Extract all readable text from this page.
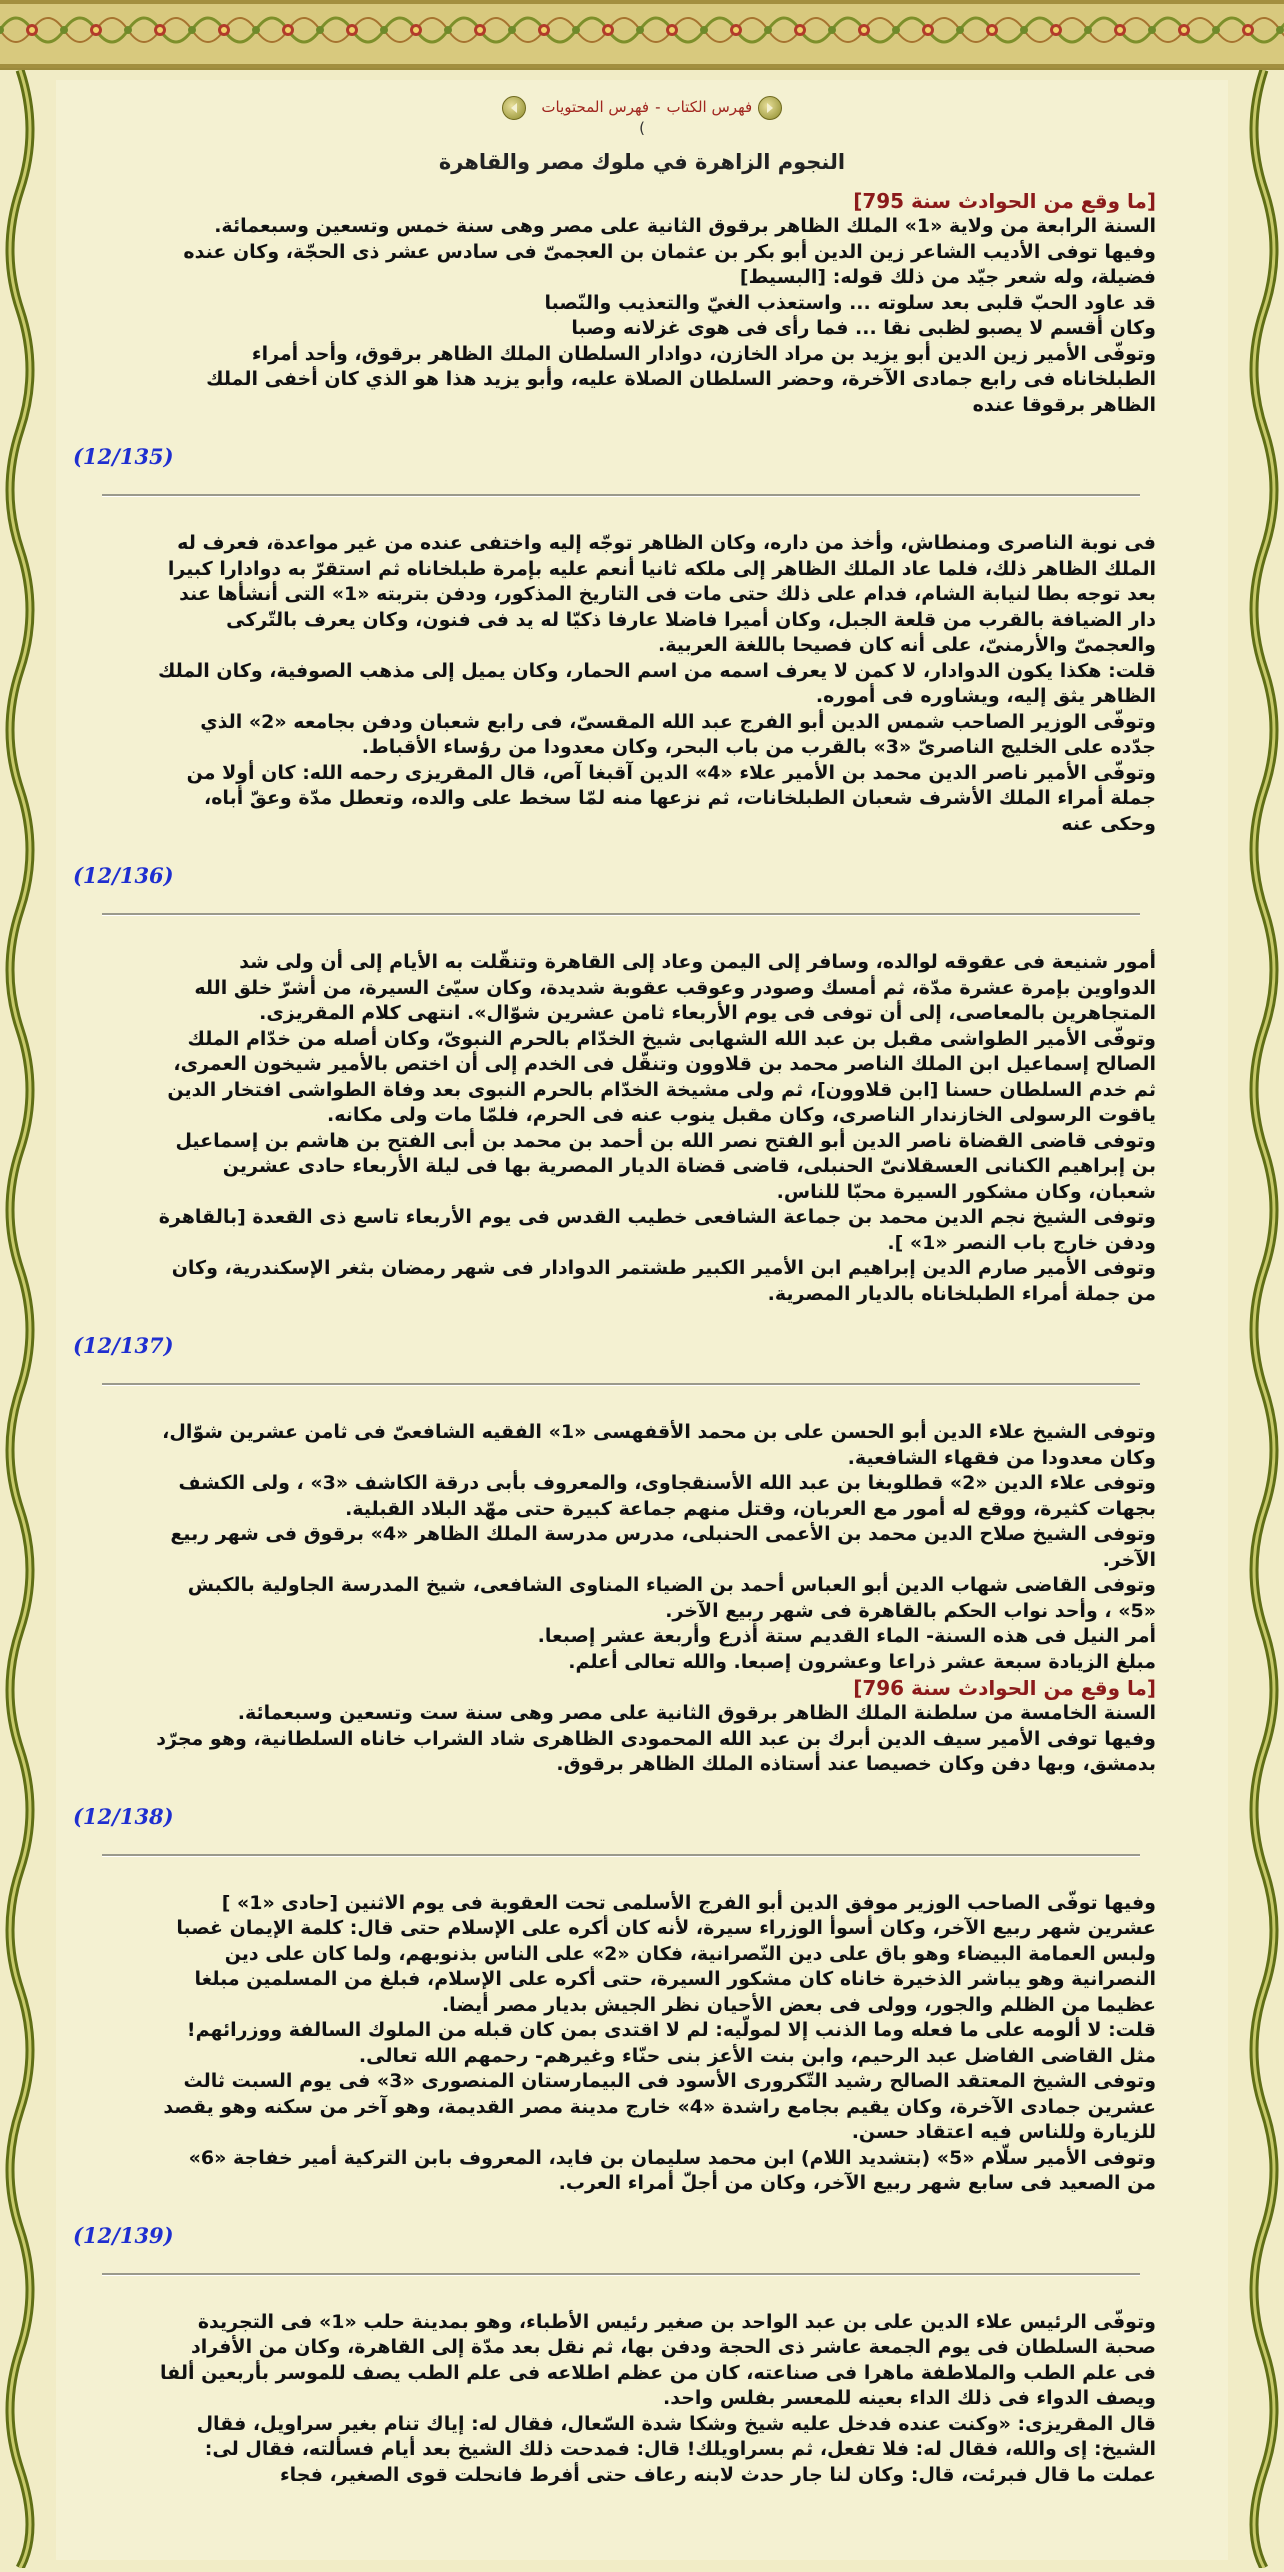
فهرس الكتاب-فهرس المحتويات
(
النجوم الزاهرة في ملوك مصر والقاهرة

[ما وقع من الحوادث سنة 795]

السنة الرابعة من ولاية «1» الملك الظاهر برقوق الثانية على مصر وهى سنة خمس وتسعين وسبعمائة.

وفيها توفى الأديب الشاعر زين الدين أبو بكر بن عثمان بن العجمىّ فى سادس عشر ذى الحجّة، وكان عنده فضيلة، وله شعر جيّد من ذلك قوله: [البسيط]

قد عاود الحبّ قلبى بعد سلوته ... واستعذب الغيّ والتعذيب والنّصبا

وكان أقسم لا يصبو لظبى نقا ... فما رأى فى هوى غزلانه وصبا

وتوفّى الأمير زين الدين أبو يزيد بن مراد الخازن، دوادار السلطان الملك الظاهر برقوق، وأحد أمراء الطبلخاناه فى رابع جمادى الآخرة، وحضر السلطان الصلاة عليه، وأبو يزيد هذا هو الذي كان أخفى الملك الظاهر برقوقا عنده

(12/135)

فى نوبة الناصرى ومنطاش، وأخذ من داره، وكان الظاهر توجّه إليه واختفى عنده من غير مواعدة، فعرف له الملك الظاهر ذلك، فلما عاد الملك الظاهر إلى ملكه ثانيا أنعم عليه بإمرة طبلخاناه ثم استقرّ به دوادارا كبيرا بعد توجه بطا لنيابة الشام، فدام على ذلك حتى مات فى التاريخ المذكور، ودفن بتربته «1» التى أنشأها عند دار الضيافة بالقرب من قلعة الجبل، وكان أميرا فاضلا عارفا ذكيّا له يد فى فنون، وكان يعرف بالتّركى والعجمىّ والأرمنىّ، على أنه كان فصيحا باللغة العربية.

قلت: هكذا يكون الدوادار، لا كمن لا يعرف اسمه من اسم الحمار، وكان يميل إلى مذهب الصوفية، وكان الملك الظاهر يثق إليه، ويشاوره فى أموره.

وتوفّى الوزير الصاحب شمس الدين أبو الفرج عبد الله المقسىّ، فى رابع شعبان ودفن بجامعه «2» الذي جدّده على الخليج الناصرىّ «3» بالقرب من باب البحر، وكان معدودا من رؤساء الأقباط.

وتوفّى الأمير ناصر الدين محمد بن الأمير علاء «4» الدين آقبغا آص، قال المقريزى رحمه الله: كان أولا من جملة أمراء الملك الأشرف شعبان الطبلخانات، ثم نزعها منه لمّا سخط على والده، وتعطل مدّة وعقّ أباه، وحكى عنه

(12/136)

أمور شنيعة فى عقوقه لوالده، وسافر إلى اليمن وعاد إلى القاهرة وتنقّلت به الأيام إلى أن ولى شد الدواوين بإمرة عشرة مدّة، ثم أمسك وصودر وعوقب عقوبة شديدة، وكان سيّئ السيرة، من أشرّ خلق الله المتجاهرين بالمعاصى، إلى أن توفى فى يوم الأربعاء ثامن عشرين شوّال». انتهى كلام المقريزى.

وتوفّى الأمير الطواشى مقبل بن عبد الله الشهابى شيخ الخدّام بالحرم النبوىّ، وكان أصله من خدّام الملك الصالح إسماعيل ابن الملك الناصر محمد بن قلاوون وتنقّل فى الخدم إلى أن اختص بالأمير شيخون العمرى، ثم خدم السلطان حسنا [ابن قلاوون]، ثم ولى مشيخة الخدّام بالحرم النبوى بعد وفاة الطواشى افتخار الدين ياقوت الرسولى الخازندار الناصرى، وكان مقبل ينوب عنه فى الحرم، فلمّا مات ولى مكانه.

وتوفى قاضى القضاة ناصر الدين أبو الفتح نصر الله بن أحمد بن محمد بن أبى الفتح بن هاشم بن إسماعيل بن إبراهيم الكنانى العسقلانىّ الحنبلى، قاضى قضاة الديار المصرية بها فى ليلة الأربعاء حادى عشرين شعبان، وكان مشكور السيرة محبّا للناس.

وتوفى الشيخ نجم الدين محمد بن جماعة الشافعى خطيب القدس فى يوم الأربعاء تاسع ذى القعدة [بالقاهرة ودفن خارج باب النصر «1» ].

وتوفى الأمير صارم الدين إبراهيم ابن الأمير الكبير طشتمر الدوادار فى شهر رمضان بثغر الإسكندرية، وكان من جملة أمراء الطبلخاناه بالديار المصرية.

(12/137)

وتوفى الشيخ علاء الدين أبو الحسن على بن محمد الأقفهسى «1» الفقيه الشافعىّ فى ثامن عشرين شوّال، وكان معدودا من فقهاء الشافعية.

وتوفى علاء الدين «2» قطلوبغا بن عبد الله الأسنقجاوى، والمعروف بأبى درقة الكاشف «3» ، ولى الكشف بجهات كثيرة، ووقع له أمور مع العربان، وقتل منهم جماعة كبيرة حتى مهّد البلاد القبلية.

وتوفى الشيخ صلاح الدين محمد بن الأعمى الحنبلى، مدرس مدرسة الملك الظاهر «4» برقوق فى شهر ربيع الآخر.

وتوفى القاضى شهاب الدين أبو العباس أحمد بن الضياء المناوى الشافعى، شيخ المدرسة الجاولية بالكبش «5» ، وأحد نواب الحكم بالقاهرة فى شهر ربيع الآخر.

أمر النيل فى هذه السنة- الماء القديم ستة أذرع وأربعة عشر إصبعا.

مبلغ الزيادة سبعة عشر ذراعا وعشرون إصبعا. والله تعالى أعلم.

[ما وقع من الحوادث سنة 796]

السنة الخامسة من سلطنة الملك الظاهر برقوق الثانية على مصر وهى سنة ست وتسعين وسبعمائة.

وفيها توفى الأمير سيف الدين أبرك بن عبد الله المحمودى الظاهرى شاد الشراب خاناه السلطانية، وهو مجرّد بدمشق، وبها دفن وكان خصيصا عند أستاذه الملك الظاهر برقوق.

(12/138)

وفيها توفّى الصاحب الوزير موفق الدين أبو الفرج الأسلمى تحت العقوبة فى يوم الاثنين [حادى «1» ] عشرين شهر ربيع الآخر، وكان أسوأ الوزراء سيرة، لأنه كان أكره على الإسلام حتى قال: كلمة الإيمان غصبا ولبس العمامة البيضاء وهو باق على دين النّصرانية، فكان «2» على الناس بذنوبهم، ولما كان على دين النصرانية وهو يباشر الذخيرة خاناه كان مشكور السيرة، حتى أكره على الإسلام، فبلغ من المسلمين مبلغا عظيما من الظلم والجور، وولى فى بعض الأحيان نظر الجيش بديار مصر أيضا.

قلت: لا ألومه على ما فعله وما الذنب إلا لمولّيه: لم لا اقتدى بمن كان قبله من الملوك السالفة ووزرائهم! مثل القاضى الفاضل عبد الرحيم، وابن بنت الأعز بنى حنّاء وغيرهم- رحمهم الله تعالى.

وتوفى الشيخ المعتقد الصالح رشيد التّكرورى الأسود فى البيمارستان المنصورى «3» فى يوم السبت ثالث عشرين جمادى الآخرة، وكان يقيم بجامع راشدة «4» خارج مدينة مصر القديمة، وهو آخر من سكنه وهو يقصد للزيارة وللناس فيه اعتقاد حسن.

وتوفى الأمير سلّام «5» (بتشديد اللام) ابن محمد سليمان بن فايد، المعروف بابن التركية أمير خفاجة «6» من الصعيد فى سابع شهر ربيع الآخر، وكان من أجلّ أمراء العرب.

(12/139)

وتوفّى الرئيس علاء الدين على بن عبد الواحد بن صغير رئيس الأطباء، وهو بمدينة حلب «1» فى التجريدة صحبة السلطان فى يوم الجمعة عاشر ذى الحجة ودفن بها، ثم نقل بعد مدّة إلى القاهرة، وكان من الأفراد فى علم الطب والملاطفة ماهرا فى صناعته، كان من عظم اطلاعه فى علم الطب يصف للموسر بأربعين ألفا ويصف الدواء فى ذلك الداء بعينه للمعسر بفلس واحد.

قال المقريزى: «وكنت عنده فدخل عليه شيخ وشكا شدة السّعال، فقال له: إياك تنام بغير سراويل، فقال الشيخ: إى والله، فقال له: فلا تفعل، ثم بسراويلك! قال: فمدحت ذلك الشيخ بعد أيام فسألته، فقال لى: عملت ما قال فبرئت، قال: وكان لنا جار حدث لابنه رعاف حتى أفرط فانحلت قوى الصغير، فجاء
